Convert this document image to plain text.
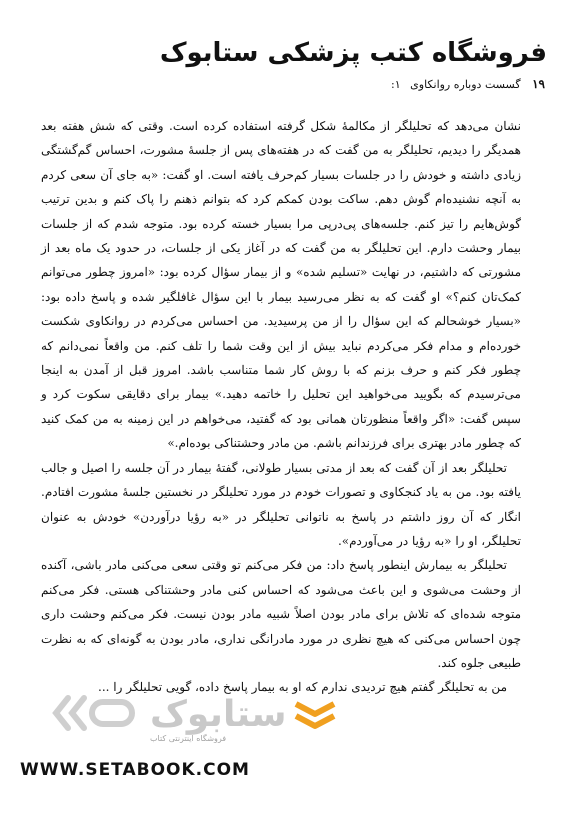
فروشگاه کتب پزشکی ستابوک
۱۹ گسست دوباره روانکاوی ۱:

نشان می‌دهد که تحلیلگر از مکالمهٔ شکل گرفته استفاده کرده است. وقتی که شش هفته بعد همدیگر را دیدیم، تحلیلگر به من گفت که در هفته‌های پس از جلسهٔ مشورت، احساس گم‌گشتگی زیادی داشته و خودش را در جلسات بسیار کم‌حرف یافته است. او گفت: «به جای آن سعی کردم به آنچه نشنیده‌ام گوش دهم. ساکت بودن کمکم کرد که بتوانم ذهنم را پاک کنم و بدین ترتیب گوش‌هایم را تیز کنم. جلسه‌های پی‌درپی مرا بسیار خسته کرده بود. متوجه شدم که از جلسات بیمار وحشت دارم. این تحلیلگر به من گفت که در آغاز یکی از جلسات، در حدود یک ماه بعد از مشورتی که داشتیم، در نهایت «تسلیم شده» و از بیمار سؤال کرده بود: «امروز چطور می‌توانم کمک‌تان کنم؟» او گفت که به نظر می‌رسید بیمار با این سؤال غافلگیر شده و پاسخ داده بود: «بسیار خوشحالم که این سؤال را از من پرسیدید. من احساس می‌کردم در روانکاوی شکست خورده‌ام و مدام فکر می‌کردم نباید بیش از این وقت شما را تلف کنم. من واقعاً نمی‌دانم که چطور فکر کنم و حرف بزنم که با روش کار شما متناسب باشد. امروز قبل از آمدن به اینجا می‌ترسیدم که بگویید می‌خواهید این تحلیل را خاتمه دهید.» بیمار برای دقایقی سکوت کرد و سپس گفت: «اگر واقعاً منظورتان همانی بود که گفتید، می‌خواهم در این زمینه به من کمک کنید که چطور مادر بهتری برای فرزندانم باشم. من مادر وحشتناکی بوده‌ام.»

تحلیلگر بعد از آن گفت که بعد از مدتی بسیار طولانی، گفتهٔ بیمار در آن جلسه را اصیل و جالب یافته بود. من به یاد کنجکاوی و تصورات خودم در مورد تحلیلگر در نخستین جلسهٔ مشورت افتادم. انگار که آن روز داشتم در پاسخ به ناتوانی تحلیلگر در «به رؤیا درآوردن» خودش به عنوان تحلیلگر، او را «به رؤیا در می‌آوردم».

تحلیلگر به بیمارش اینطور پاسخ داد: من فکر می‌کنم تو وقتی سعی می‌کنی مادر باشی، آکنده از وحشت می‌شوی و این باعث می‌شود که احساس کنی مادر وحشتناکی هستی. فکر می‌کنم متوجه شده‌ای که تلاش برای مادر بودن اصلاً شبیه مادر بودن نیست. فکر می‌کنم وحشت داری چون احساس می‌کنی که هیچ نظری در مورد مادرانگی نداری، مادر بودن به گونه‌ای که به نظرت طبیعی جلوه کند.

من به تحلیلگر گفتم هیچ تردیدی ندارم که او به بیمار پاسخ داده، گویی تحلیلگر را ...

ستابوک
فروشگاه اینترنتی کتاب
WWW.SETABOOK.COM
